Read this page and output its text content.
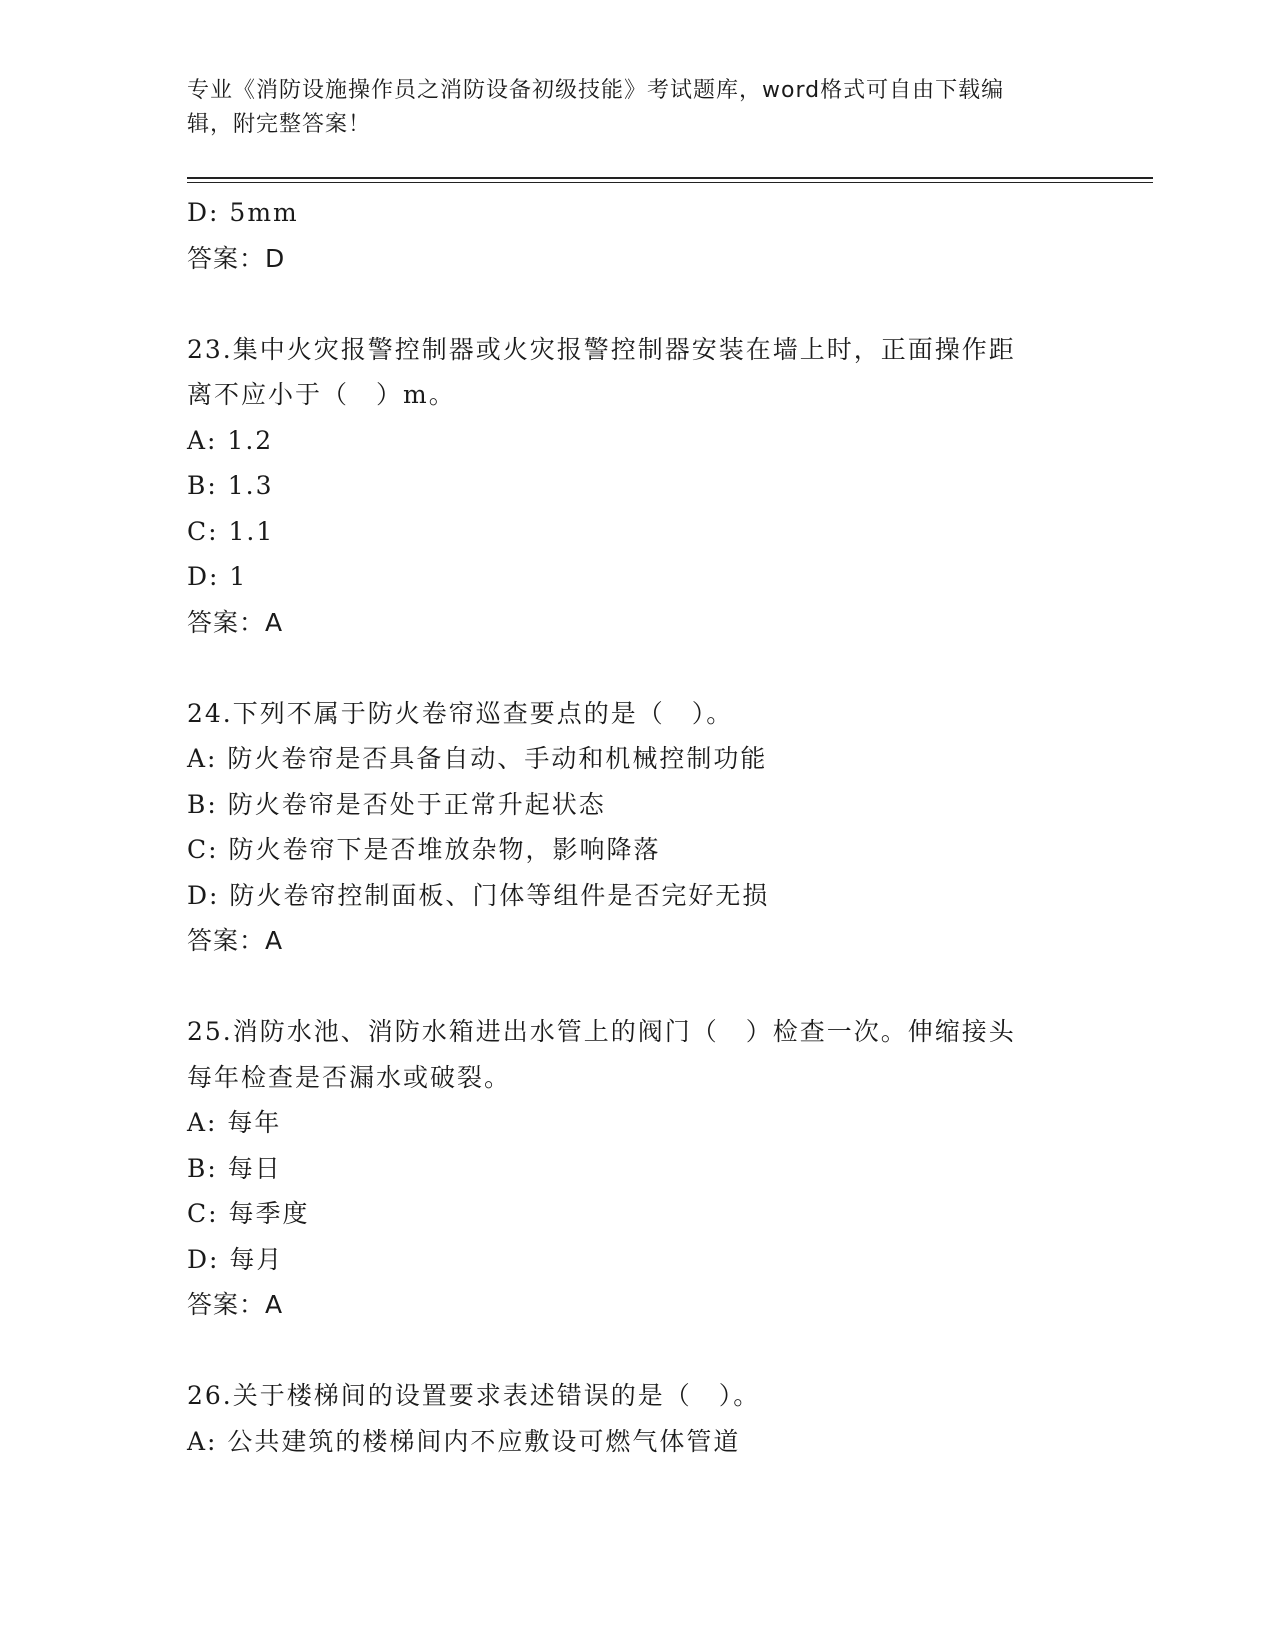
专业《消防设施操作员之消防设备初级技能》考试题库，word格式可自由下载编
辑，附完整答案！
D: 5mm
答案：D
23.集中火灾报警控制器或火灾报警控制器安装在墙上时，正面操作距
离不应小于（　）m。
A: 1.2
B: 1.3
C: 1.1
D: 1
答案：A
24.下列不属于防火卷帘巡查要点的是（　）。
A: 防火卷帘是否具备自动、手动和机械控制功能
B: 防火卷帘是否处于正常升起状态
C: 防火卷帘下是否堆放杂物，影响降落
D: 防火卷帘控制面板、门体等组件是否完好无损
答案：A
25.消防水池、消防水箱进出水管上的阀门（　）检查一次。伸缩接头
每年检查是否漏水或破裂。
A: 每年
B: 每日
C: 每季度
D: 每月
答案：A
26.关于楼梯间的设置要求表述错误的是（　）。
A: 公共建筑的楼梯间内不应敷设可燃气体管道
